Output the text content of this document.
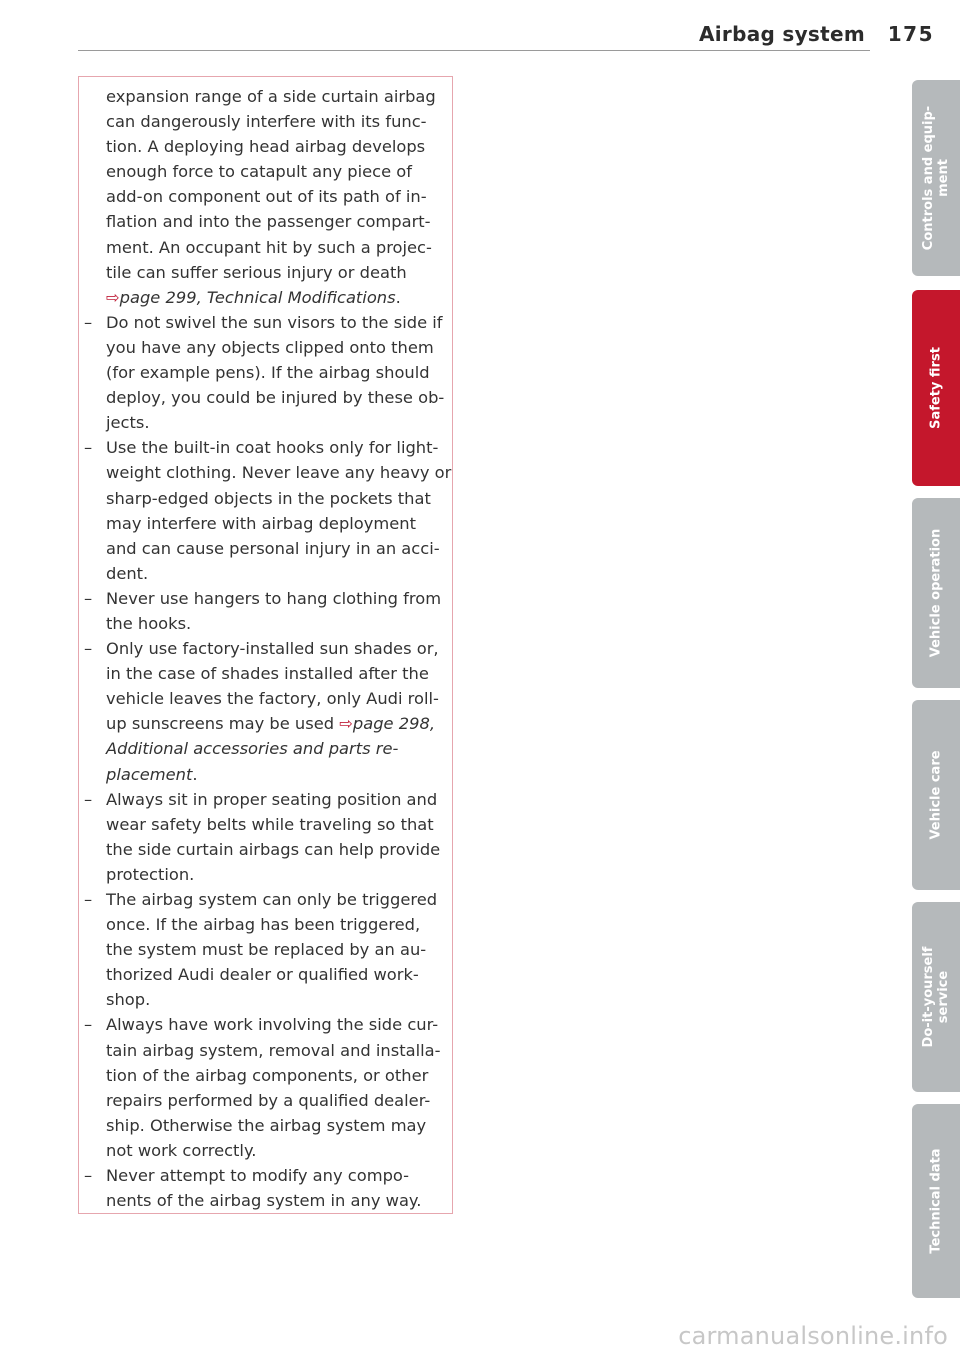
Airbag system 175
expansion range of a side curtain airbag
can dangerously interfere with its func-
tion. A deploying head airbag develops
enough force to catapult any piece of
add-on component out of its path of in-
flation and into the passenger compart-
ment. An occupant hit by such a projec-
tile can suffer serious injury or death
⇨page 299, Technical Modifications.
– Do not swivel the sun visors to the side if
you have any objects clipped onto them
(for example pens). If the airbag should
deploy, you could be injured by these ob-
jects.
– Use the built-in coat hooks only for light-
weight clothing. Never leave any heavy or
sharp-edged objects in the pockets that
may interfere with airbag deployment
and can cause personal injury in an acci-
dent.
– Never use hangers to hang clothing from
the hooks.
– Only use factory-installed sun shades or,
in the case of shades installed after the
vehicle leaves the factory, only Audi roll-
up sunscreens may be used ⇨page 298,
Additional accessories and parts re-
placement.
– Always sit in proper seating position and
wear safety belts while traveling so that
the side curtain airbags can help provide
protection.
– The airbag system can only be triggered
once. If the airbag has been triggered,
the system must be replaced by an au-
thorized Audi dealer or qualified work-
shop.
– Always have work involving the side cur-
tain airbag system, removal and installa-
tion of the airbag components, or other
repairs performed by a qualified dealer-
ship. Otherwise the airbag system may
not work correctly.
– Never attempt to modify any compo-
nents of the airbag system in any way.
Controls and equip- ment
Safety first
Vehicle operation
Vehicle care
Do-it-yourself service
Technical data
carmanualsonline.info
